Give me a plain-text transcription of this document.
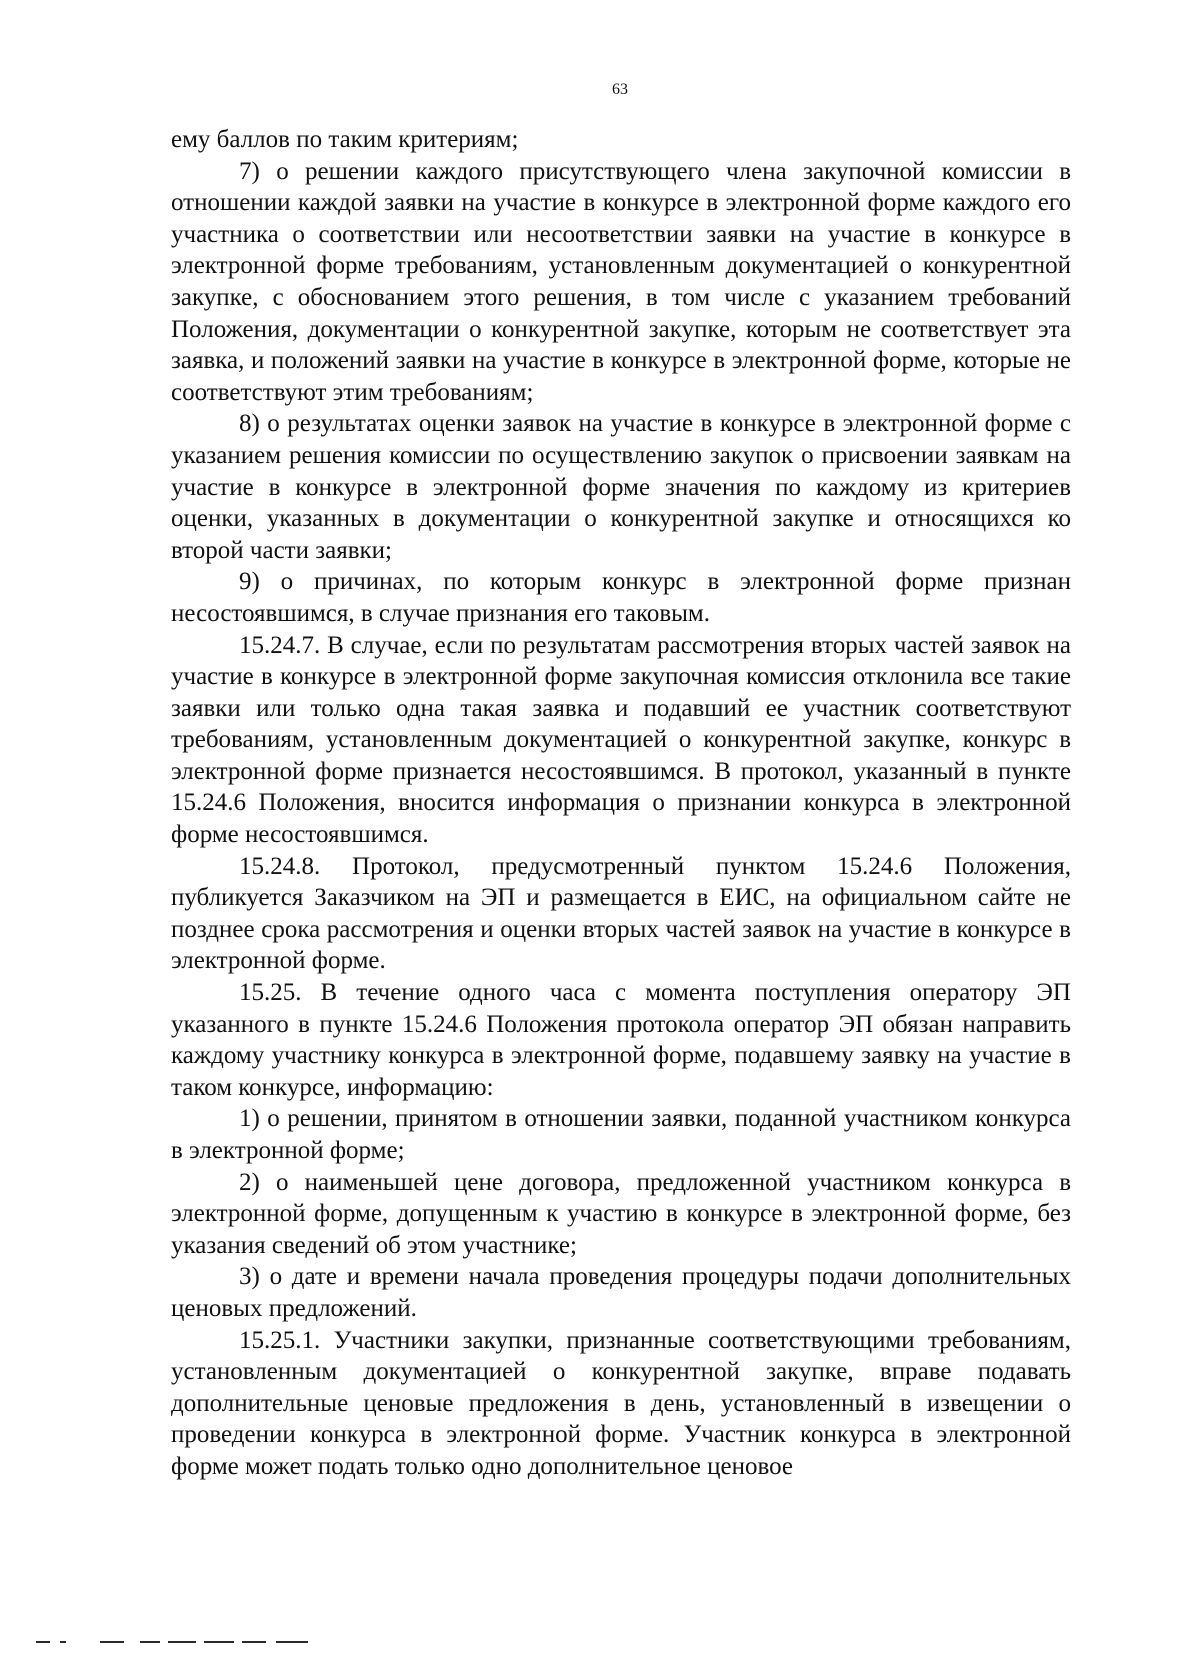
63

ему баллов по таким критериям;

7) о решении каждого присутствующего члена закупочной комиссии в отношении каждой заявки на участие в конкурсе в электронной форме каждого его участника о соответствии или несоответствии заявки на участие в конкурсе в электронной форме требованиям, установленным документацией о конкурентной закупке, с обоснованием этого решения, в том числе с указанием требований Положения, документации о конкурентной закупке, которым не соответствует эта заявка, и положений заявки на участие в конкурсе в электронной форме, которые не соответствуют этим требованиям;

8) о результатах оценки заявок на участие в конкурсе в электронной форме с указанием решения комиссии по осуществлению закупок о присвоении заявкам на участие в конкурсе в электронной форме значения по каждому из критериев оценки, указанных в документации о конкурентной закупке и относящихся ко второй части заявки;

9) о причинах, по которым конкурс в электронной форме признан несостоявшимся, в случае признания его таковым.

15.24.7. В случае, если по результатам рассмотрения вторых частей заявок на участие в конкурсе в электронной форме закупочная комиссия отклонила все такие заявки или только одна такая заявка и подавший ее участник соответствуют требованиям, установленным документацией о конкурентной закупке, конкурс в электронной форме признается несостоявшимся. В протокол, указанный в пункте 15.24.6 Положения, вносится информация о признании конкурса в электронной форме несостоявшимся.

15.24.8. Протокол, предусмотренный пунктом 15.24.6 Положения, публикуется Заказчиком на ЭП и размещается в ЕИС, на официальном сайте не позднее срока рассмотрения и оценки вторых частей заявок на участие в конкурсе в электронной форме.

15.25. В течение одного часа с момента поступления оператору ЭП указанного в пункте 15.24.6 Положения протокола оператор ЭП обязан направить каждому участнику конкурса в электронной форме, подавшему заявку на участие в таком конкурсе, информацию:

1) о решении, принятом в отношении заявки, поданной участником конкурса в электронной форме;

2) о наименьшей цене договора, предложенной участником конкурса в электронной форме, допущенным к участию в конкурсе в электронной форме, без указания сведений об этом участнике;

3) о дате и времени начала проведения процедуры подачи дополнительных ценовых предложений.

15.25.1. Участники закупки, признанные соответствующими требованиям, установленным документацией о конкурентной закупке, вправе подавать дополнительные ценовые предложения в день, установленный в извещении о проведении конкурса в электронной форме. Участник конкурса в электронной форме может подать только одно дополнительное ценовое
